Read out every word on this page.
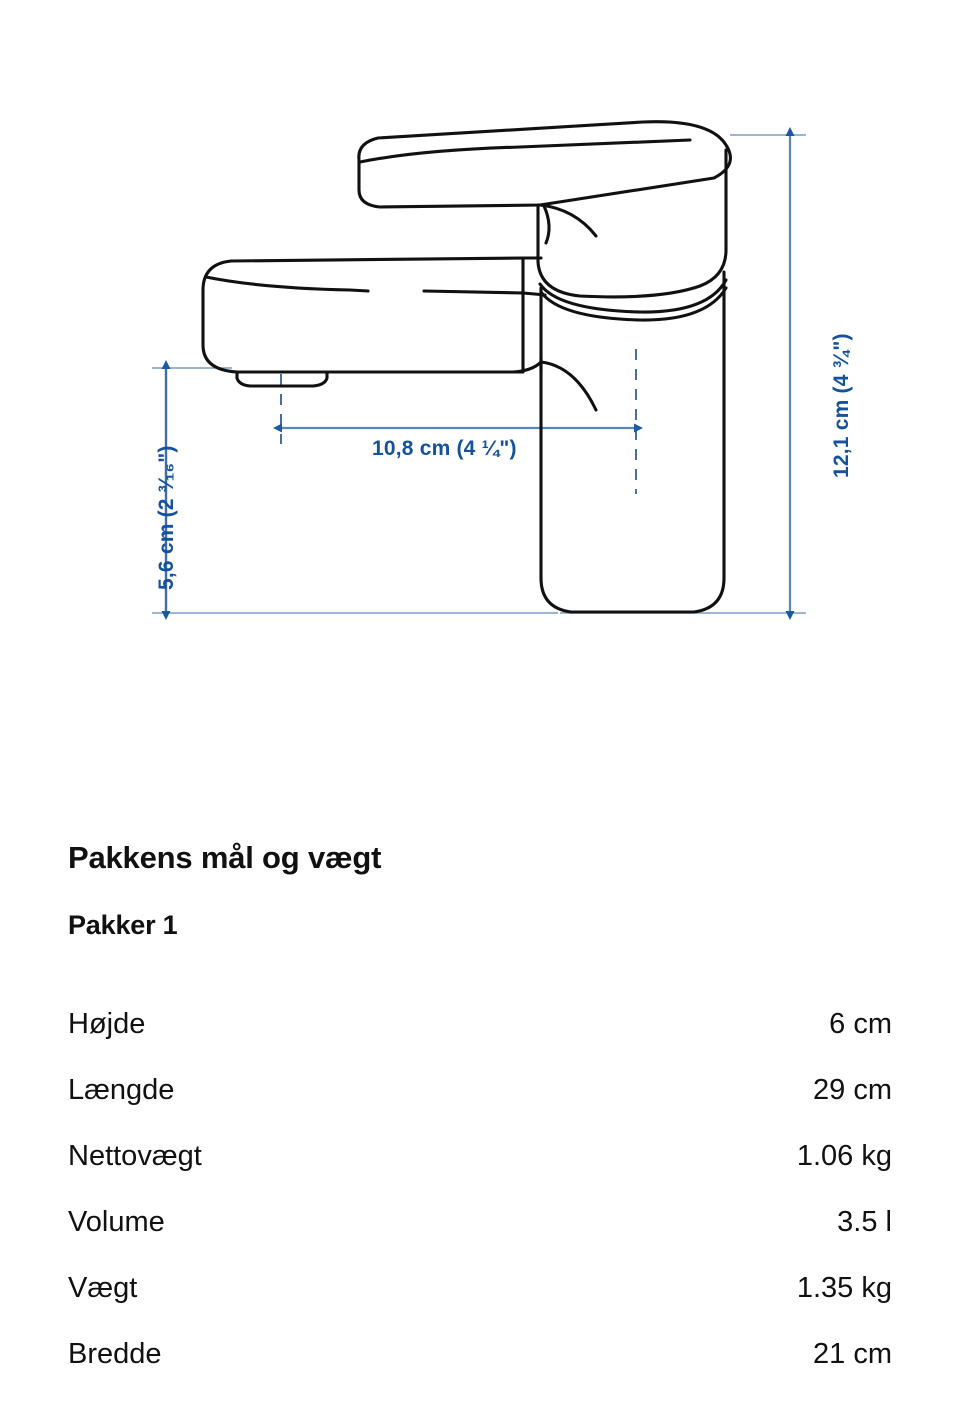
12,1 cm (4 ¾")
5,6 cm (2 ³⁄₁₆")	10,8 cm (4 ¼")
Pakkens mål og vægt
Pakker 1
Højde	6 cm
Længde	29 cm
Nettovægt	1.06 kg
Volume	3.5 l
Vægt	1.35 kg
Bredde	21 cm
